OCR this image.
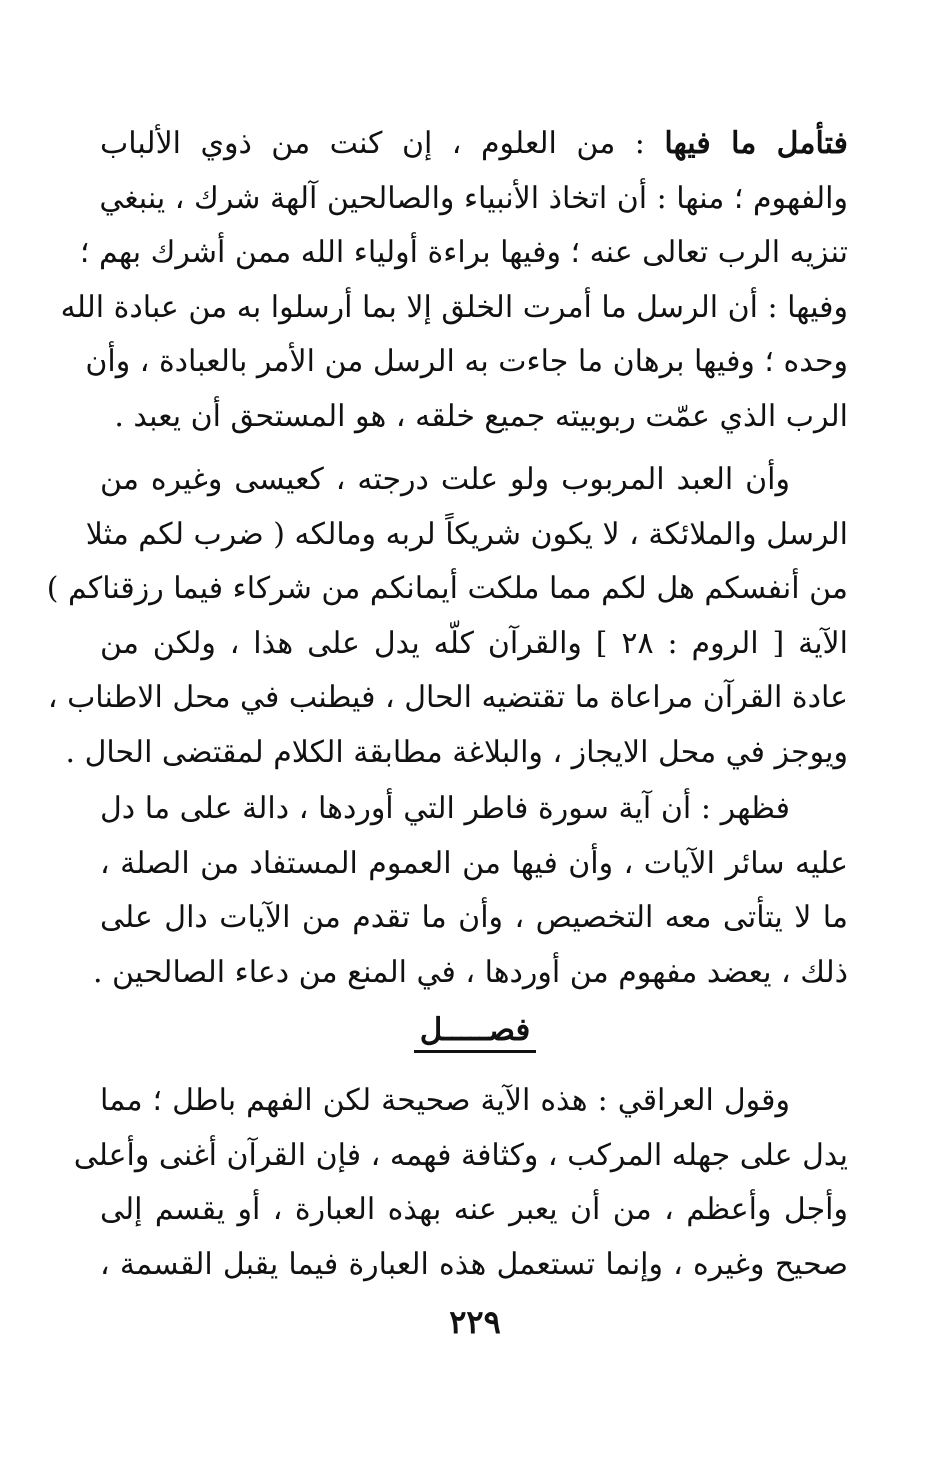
فتأمل ما فيها : من العلوم ، إن كنت من ذوي الألباب
والفهوم ؛ منها : أن اتخاذ الأنبياء والصالحين آلهة شرك ، ينبغي
تنزيه الرب تعالى عنه ؛ وفيها براءة أولياء الله ممن أشرك بهم ؛
وفيها : أن الرسل ما أمرت الخلق إلا بما أرسلوا به من عبادة الله
وحده ؛ وفيها برهان ما جاءت به الرسل من الأمر بالعبادة ، وأن
الرب الذي عمّت ربوبيته جميع خلقه ، هو المستحق أن يعبد .
وأن العبد المربوب ولو علت درجته ، كعيسى وغيره من
الرسل والملائكة ، لا يكون شريكاً لربه ومالكه ( ضرب لكم مثلا
من أنفسكم هل لكم مما ملكت أيمانكم من شركاء فيما رزقناكم )
الآية [ الروم : ٢٨ ] والقرآن كلّه يدل على هذا ، ولكن من
عادة القرآن مراعاة ما تقتضيه الحال ، فيطنب في محل الاطناب ،
ويوجز في محل الايجاز ، والبلاغة مطابقة الكلام لمقتضى الحال .
فظهر : أن آية سورة فاطر التي أوردها ، دالة على ما دل
عليه سائر الآيات ، وأن فيها من العموم المستفاد من الصلة ،
ما لا يتأتى معه التخصيص ، وأن ما تقدم من الآيات دال على
ذلك ، يعضد مفهوم من أوردها ، في المنع من دعاء الصالحين .
فصـــــل
وقول العراقي : هذه الآية صحيحة لكن الفهم باطل ؛ مما
يدل على جهله المركب ، وكثافة فهمه ، فإن القرآن أغنى وأعلى
وأجل وأعظم ، من أن يعبر عنه بهذه العبارة ، أو يقسم إلى
صحيح وغيره ، وإنما تستعمل هذه العبارة فيما يقبل القسمة ،
٢٢٩
